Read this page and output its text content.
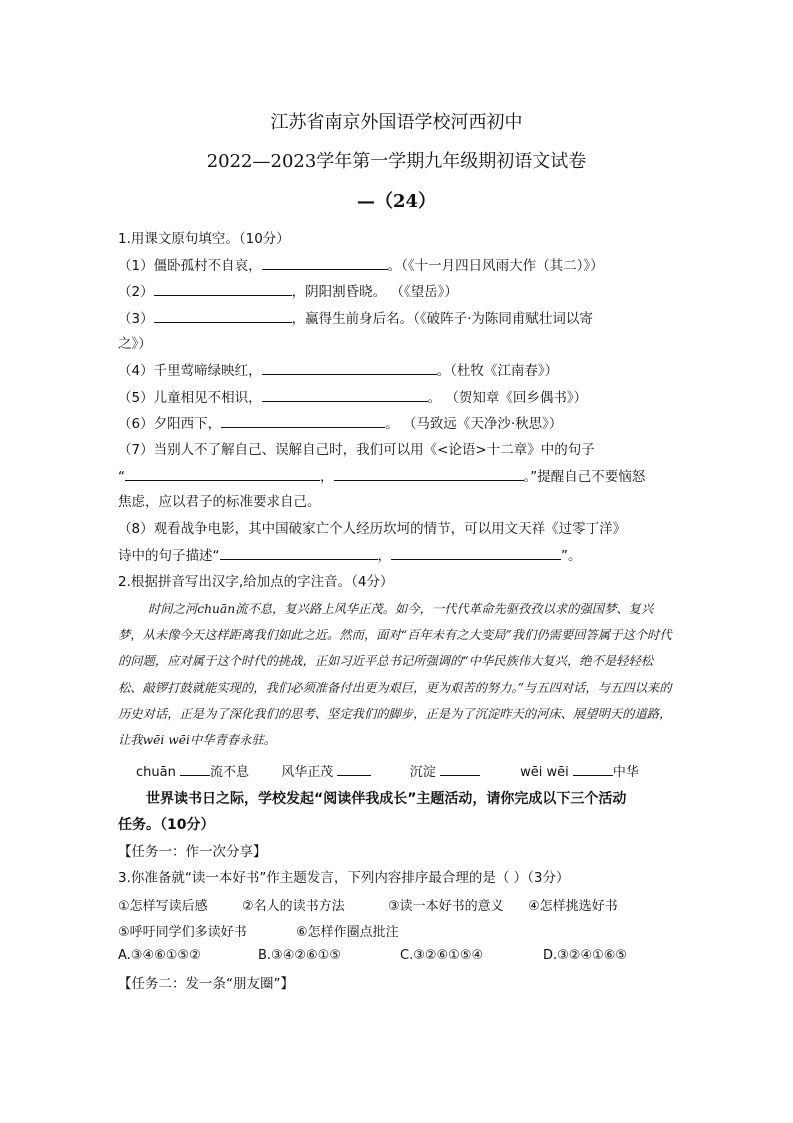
江苏省南京外国语学校河西初中
2022—2023学年第一学期九年级期初语文试卷
—（24）
1.用课文原句填空。（10分）
（1）僵卧孤村不自哀，	。（《十一月四日风雨大作（其二）》）
（2）	，阴阳割昏晓。 （《望岳》）
（3）	，赢得生前身后名。（《破阵子·为陈同甫赋壮词以寄
之》）
（4）千里莺啼绿映红，	。（杜牧《江南春》）
（5）儿童相见不相识，	。 （贺知章《回乡偶书》）
（6）夕阳西下，	。 （马致远《天净沙·秋思》）
（7）当别人不了解自己、误解自己时，我们可以用《<论语>十二章》中的句子
“	，	。”提醒自己不要恼怒
焦虑，应以君子的标准要求自己。
（8）观看战争电影，其中国破家亡个人经历坎坷的情节，可以用文天祥《过零丁洋》
诗中的句子描述“	，	”。
2.根据拼音写出汉字,给加点的字注音。（4分）
时间之河chuān流不息，复兴路上风华正茂。如今，一代代革命先驱孜孜以求的强国梦、复兴梦，从未像今天这样距离我们如此之近。然而，面对“百年未有之大变局”我们仍需要回答属于这个时代的问题，应对属于这个时代的挑战，正如习近平总书记所强调的“中华民族伟大复兴，绝不是轻轻松松、敲锣打鼓就能实现的，我们必须准备付出更为艰巨，更为艰苦的努力。”与五四对话，与五四以来的历史对话，正是为了深化我们的思考、坚定我们的脚步，正是为了沉淀昨天的河床、展望明天的道路，让我wēi wēi中华青春永驻。
chuān 流不息 风华正茂	沉淀	wēi wēi	中华
世界读书日之际，学校发起“阅读伴我成长”主题活动，请你完成以下三个活动
任务。（10分）
【任务一：作一次分享】
3.你准备就“读一本好书”作主题发言，下列内容排序最合理的是（ ）（3分）
①怎样写读后感	②名人的读书方法	③读一本好书的意义 ④怎样挑选好书
⑤呼吁同学们多读好书	⑥怎样作圈点批注
A.③④⑥①⑤②	B.③④②⑥①⑤	C.③②⑥①⑤④	D.③②④①⑥⑤
【任务二：发一条“朋友圈”】
